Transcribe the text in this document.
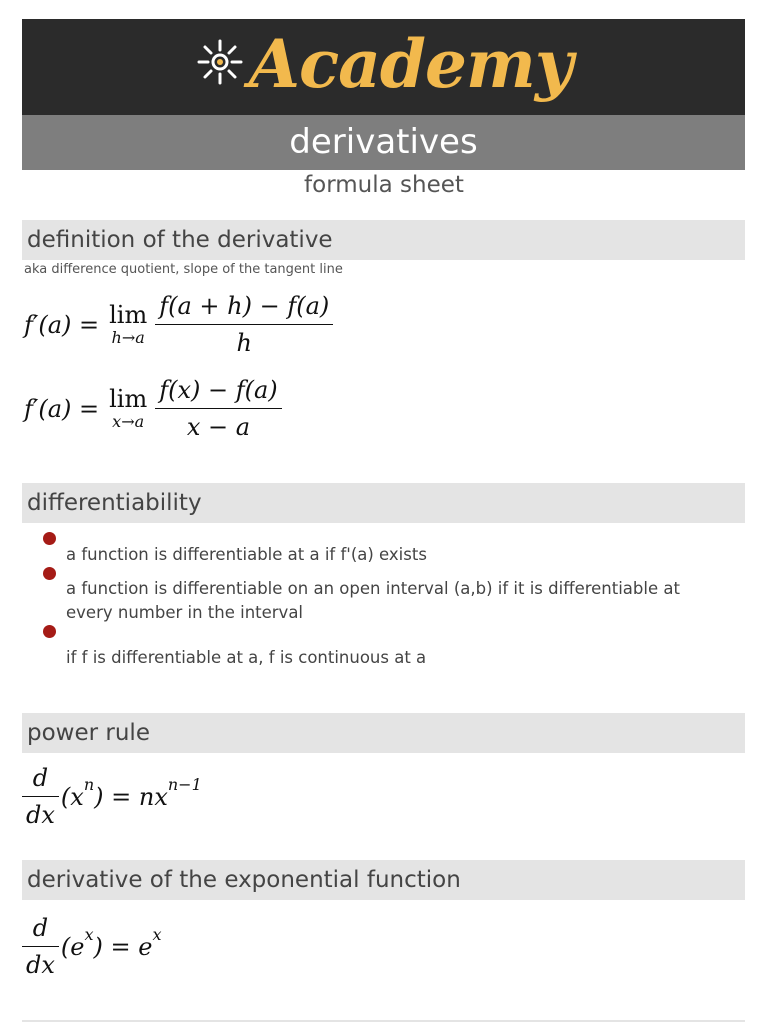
Academy
derivatives
formula sheet
definition of the derivative
aka difference quotient, slope of the tangent line
f′(a) = lim
$h\to a \frac{f(a + h) - f(a)}{h}$
f′(a) = lim
$x\to a \frac{f(x) - f(a)}{x - a}$
differentiability
a function is differentiable at a if f'(a) exists
a function is differentiable on an open interval (a,b) if it is differentiable at every number in the interval
if f is differentiable at a, f is continuous at a
power rule
$\frac{d}{dx} (x$ n ) = nx n−1
derivative of the exponential function
$\frac{d}{dx} (e$ x ) = e x
